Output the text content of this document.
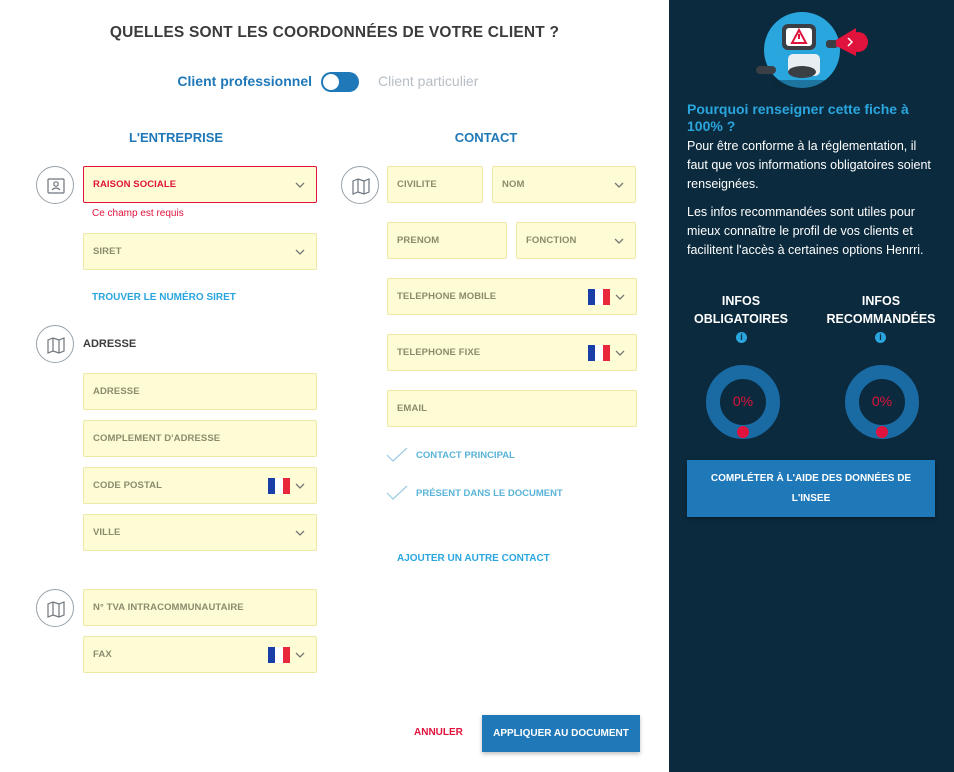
QUELLES SONT LES COORDONNÉES DE VOTRE CLIENT ?
Client professionnel	Client particulier
L'ENTREPRISE	CONTACT
RAISON SOCIALE
Ce champ est requis
SIRET
TROUVER LE NUMÉRO SIRET
ADRESSE
ADRESSE
COMPLEMENT D'ADRESSE
CODE POSTAL
VILLE
N° TVA INTRACOMMUNAUTAIRE
FAX
CIVILITE	NOM
PRENOM	FONCTION
TELEPHONE MOBILE
TELEPHONE FIXE
EMAIL
CONTACT PRINCIPAL
PRÉSENT DANS LE DOCUMENT
AJOUTER UN AUTRE CONTACT
ANNULER	APPLIQUER AU DOCUMENT
Pourquoi renseigner cette fiche à 100% ?
Pour être conforme à la réglementation, il faut que vos informations obligatoires soient renseignées.
Les infos recommandées sont utiles pour mieux connaître le profil de vos clients et facilitent l'accès à certaines options Henrri.
INFOS
OBLIGATOIRES
i
INFOS
RECOMMANDÉES
i
0%	0%
COMPLÉTER À L'AIDE DES DONNÉES DE
L'INSEE
